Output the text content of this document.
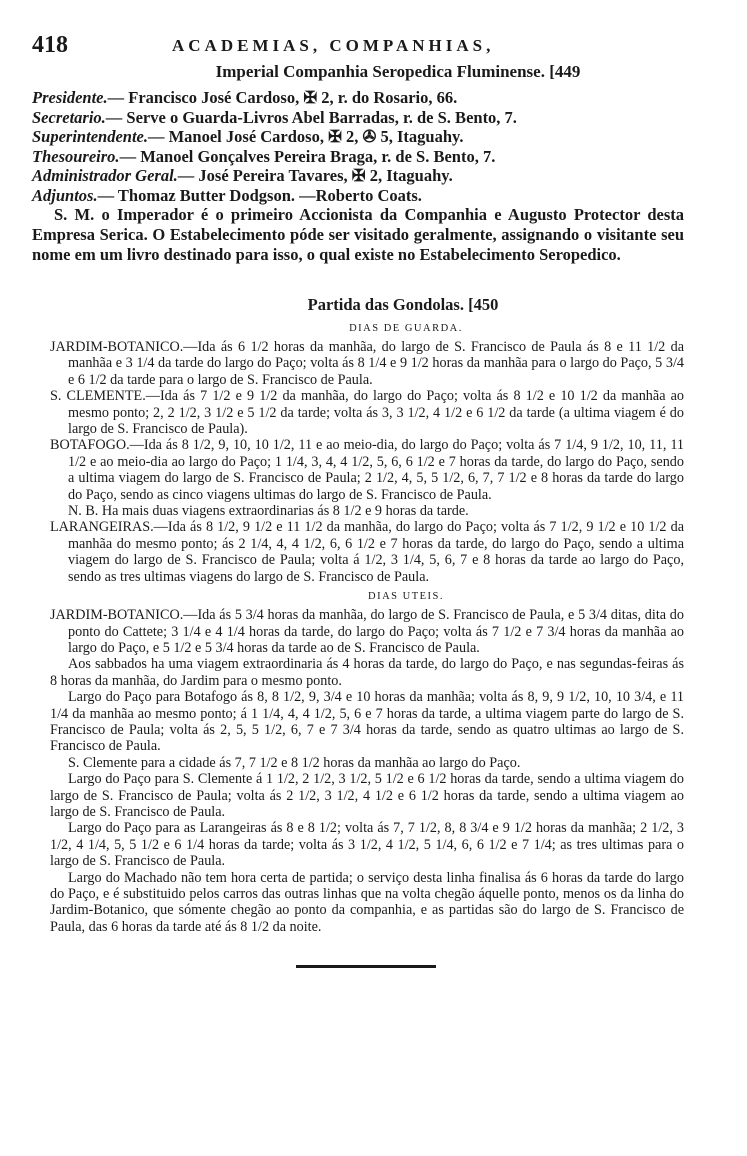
418	ACADEMIAS, COMPANHIAS,
Imperial Companhia Seropedica Fluminense. [449
Presidente.— Francisco José Cardoso, ✠ 2, r. do Rosario, 66.
Secretario.— Serve o Guarda-Livros Abel Barradas, r. de S. Bento, 7.
Superintendente.— Manoel José Cardoso, ✠ 2, ✇ 5, Itaguahy.
Thesoureiro.— Manoel Gonçalves Pereira Braga, r. de S. Bento, 7.
Administrador Geral.— José Pereira Tavares, ✠ 2, Itaguahy.
Adjuntos.— Thomaz Butter Dodgson. —Roberto Coats.

S. M. o Imperador é o primeiro Accionista da Companhia e Augusto Protector desta Empresa Serica. O Estabelecimento póde ser visitado geralmente, assignando o visitante seu nome em um livro destinado para isso, o qual existe no Estabelecimento Seropedico.

Partida das Gondolas. [450
DIAS DE GUARDA.
JARDIM-BOTANICO.—Ida ás 6 1/2 horas da manhãa, do largo de S. Francisco de Paula ás 8 e 11 1/2 da manhãa e 3 1/4 da tarde do largo do Paço; volta ás 8 1/4 e 9 1/2 horas da manhãa para o largo do Paço, 5 3/4 e 6 1/2 da tarde para o largo de S. Francisco de Paula.
S. CLEMENTE.—Ida ás 7 1/2 e 9 1/2 da manhãa, do largo do Paço; volta ás 8 1/2 e 10 1/2 da manhãa ao mesmo ponto; 2, 2 1/2, 3 1/2 e 5 1/2 da tarde; volta ás 3, 3 1/2, 4 1/2 e 6 1/2 da tarde (a ultima viagem é do largo de S. Francisco de Paula).
BOTAFOGO.—Ida ás 8 1/2, 9, 10, 10 1/2, 11 e ao meio-dia, do largo do Paço; volta ás 7 1/4, 9 1/2, 10, 11, 11 1/2 e ao meio-dia ao largo do Paço; 1 1/4, 3, 4, 4 1/2, 5, 6, 6 1/2 e 7 horas da tarde, do largo do Paço, sendo a ultima viagem do largo de S. Francisco de Paula; 2 1/2, 4, 5, 5 1/2, 6, 7, 7 1/2 e 8 horas da tarde do largo do Paço, sendo as cinco viagens ultimas do largo de S. Francisco de Paula.
N. B. Ha mais duas viagens extraordinarias ás 8 1/2 e 9 horas da tarde.
LARANGEIRAS.—Ida ás 8 1/2, 9 1/2 e 11 1/2 da manhãa, do largo do Paço; volta ás 7 1/2, 9 1/2 e 10 1/2 da manhãa do mesmo ponto; ás 2 1/4, 4, 4 1/2, 6, 6 1/2 e 7 horas da tarde, do largo do Paço, sendo a ultima viagem do largo de S. Francisco de Paula; volta á 1/2, 3 1/4, 5, 6, 7 e 8 horas da tarde ao largo do Paço, sendo as tres ultimas viagens do largo de S. Francisco de Paula.
DIAS UTEIS.
JARDIM-BOTANICO.—Ida ás 5 3/4 horas da manhãa, do largo de S. Francisco de Paula, e 5 3/4 ditas, dita do ponto do Cattete; 3 1/4 e 4 1/4 horas da tarde, do largo do Paço; volta ás 7 1/2 e 7 3/4 horas da manhãa ao largo do Paço, e 5 1/2 e 5 3/4 horas da tarde ao de S. Francisco de Paula.
Aos sabbados ha uma viagem extraordinaria ás 4 horas da tarde, do largo do Paço, e nas segundas-feiras ás 8 horas da manhãa, do Jardim para o mesmo ponto.
Largo do Paço para Botafogo ás 8, 8 1/2, 9, 3/4 e 10 horas da manhãa; volta ás 8, 9, 9 1/2, 10, 10 3/4, e 11 1/4 da manhãa ao mesmo ponto; á 1 1/4, 4, 4 1/2, 5, 6 e 7 horas da tarde, a ultima viagem parte do largo de S. Francisco de Paula; volta ás 2, 5, 5 1/2, 6, 7 e 7 3/4 horas da tarde, sendo as quatro ultimas ao largo de S. Francisco de Paula.
S. Clemente para a cidade ás 7, 7 1/2 e 8 1/2 horas da manhãa ao largo do Paço.
Largo do Paço para S. Clemente á 1 1/2, 2 1/2, 3 1/2, 5 1/2 e 6 1/2 horas da tarde, sendo a ultima viagem do largo de S. Francisco de Paula; volta ás 2 1/2, 3 1/2, 4 1/2 e 6 1/2 horas da tarde, sendo a ultima viagem ao largo de S. Francisco de Paula.
Largo do Paço para as Larangeiras ás 8 e 8 1/2; volta ás 7, 7 1/2, 8, 8 3/4 e 9 1/2 horas da manhãa; 2 1/2, 3 1/2, 4 1/4, 5, 5 1/2 e 6 1/4 horas da tarde; volta ás 3 1/2, 4 1/2, 5 1/4, 6, 6 1/2 e 7 1/4; as tres ultimas para o largo de S. Francisco de Paula.
Largo do Machado não tem hora certa de partida; o serviço desta linha finalisa ás 6 horas da tarde do largo do Paço, e é substituido pelos carros das outras linhas que na volta chegão áquelle ponto, menos os da linha do Jardim-Botanico, que sómente chegão ao ponto da companhia, e as partidas são do largo de S. Francisco de Paula, das 6 horas da tarde até ás 8 1/2 da noite.
